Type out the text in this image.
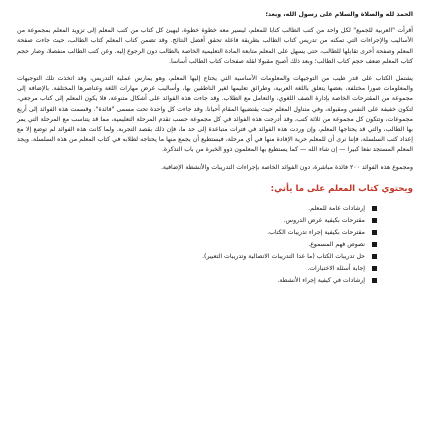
الحمد لله والصلاة والسلام على رسول الله، وبعد؛

أقرأت "العربية للجميع" لكل واحد من كتب الطالب كتابا للمعلم، ليسير معه خطوة خطوة، ليهيئ كل كتاب من كتب المعلم إلى تزويد المعلم بمجموعة من الأساليب والإجراءات التي تمكنه من تدريس كتاب الطالب بطريقة فاعلة تحقق أفضل النتائج. وقد تضمن كتاب المعلم كتاب الطالب، حيث جاءت صفحة المعلم وصفحة أخرى تقابلها للطالب، حتى يسهل على المعلم متابعة المادة التعليمية الخاصة بالطالب دون الرجوع إليه. وعن كتب الطالب منفصلا، وصار حجم كتاب المعلم ضعف حجم كتاب الطالب؛ وبعد ذلك أصبح مقبولا لقلة صفحات كتاب الطالب أساسا.

يشتمل الكتاب على قدر طيب من التوجيهات والمعلومات الأساسية التي يحتاج إليها المعلم، وهو يمارس عملية التدريس، وقد اتخذت تلك التوجيهات والمعلومات صورا مختلفة، بعضها يتعلق باللغة العربية، وطرائق تعليمها لغير الناطقين بها، وأساليب عرض مهارات اللغة وعناصرها المختلفة. بالإضافة إلى مجموعة من المقترحات الخاصة بإدارة الصف اللغوي، والتعامل مع الطلاب. وقد جاءت هذه الفوائد على أشكال متنوعة، فلا يكون المعلم إلى كتاب مرجعي، لتكون خفيفة على النفس ومقبولة، وفي متناول المعلم حيث يقتضيها المقام أحيانا. وقد جاءت كل واحدة تحت مسمى "فائدة". وقسمت هذه الفوائد إلى أربع مجموعات، وتتكون كل مجموعة من ثلاثة كتب، وقد أدرجت هذه الفوائد في كل مجموعة حسب تقدم المرحلة التعليمية، مما قد يتناسب مع المرحلة التي يمر بها الطالب، والتي قد يحتاجها المعلم، وإن وردت هذه الفوائد في فترات متباعدة إلى حد ما، فإن ذلك بقصد التجربة. ولما كانت هذه الفوائد لم توضع إلا مع إعداد كتب السلسلة، فإننا نرى أن للمعلم حرية الإفادة منها في أي مرحلة، فيستطيع أن يجمع منها ما يحتاجه لطلابه في كتاب المعلم من هذه السلسلة. ويجد المعلم المستجد نفعا كبيرا — إن شاء الله — كما يستطيع بها المعلمون ذوو الخبرة من باب التذكرة.

ومجموع هذه الفوائد ٢٠٠ فائدة مباشرة، دون الفوائد الخاصة بإجراءات التدريبات والأنشطة الإضافية.

ويحتوي كتاب المعلم على ما يأتي:
إرشادات عامة للمعلم.
مقترحات بكيفية عرض الدروس.
مقترحات بكيفية إجراء تدريبات الكتاب.
نصوص فهم المسموع.
حل تدريبات الكتاب (ما عدا التدريبات الاتصالية وتدريبات التعبير).
إجابة أسئلة الاختبارات.
إرشادات في كيفية إجراء الأنشطة.
